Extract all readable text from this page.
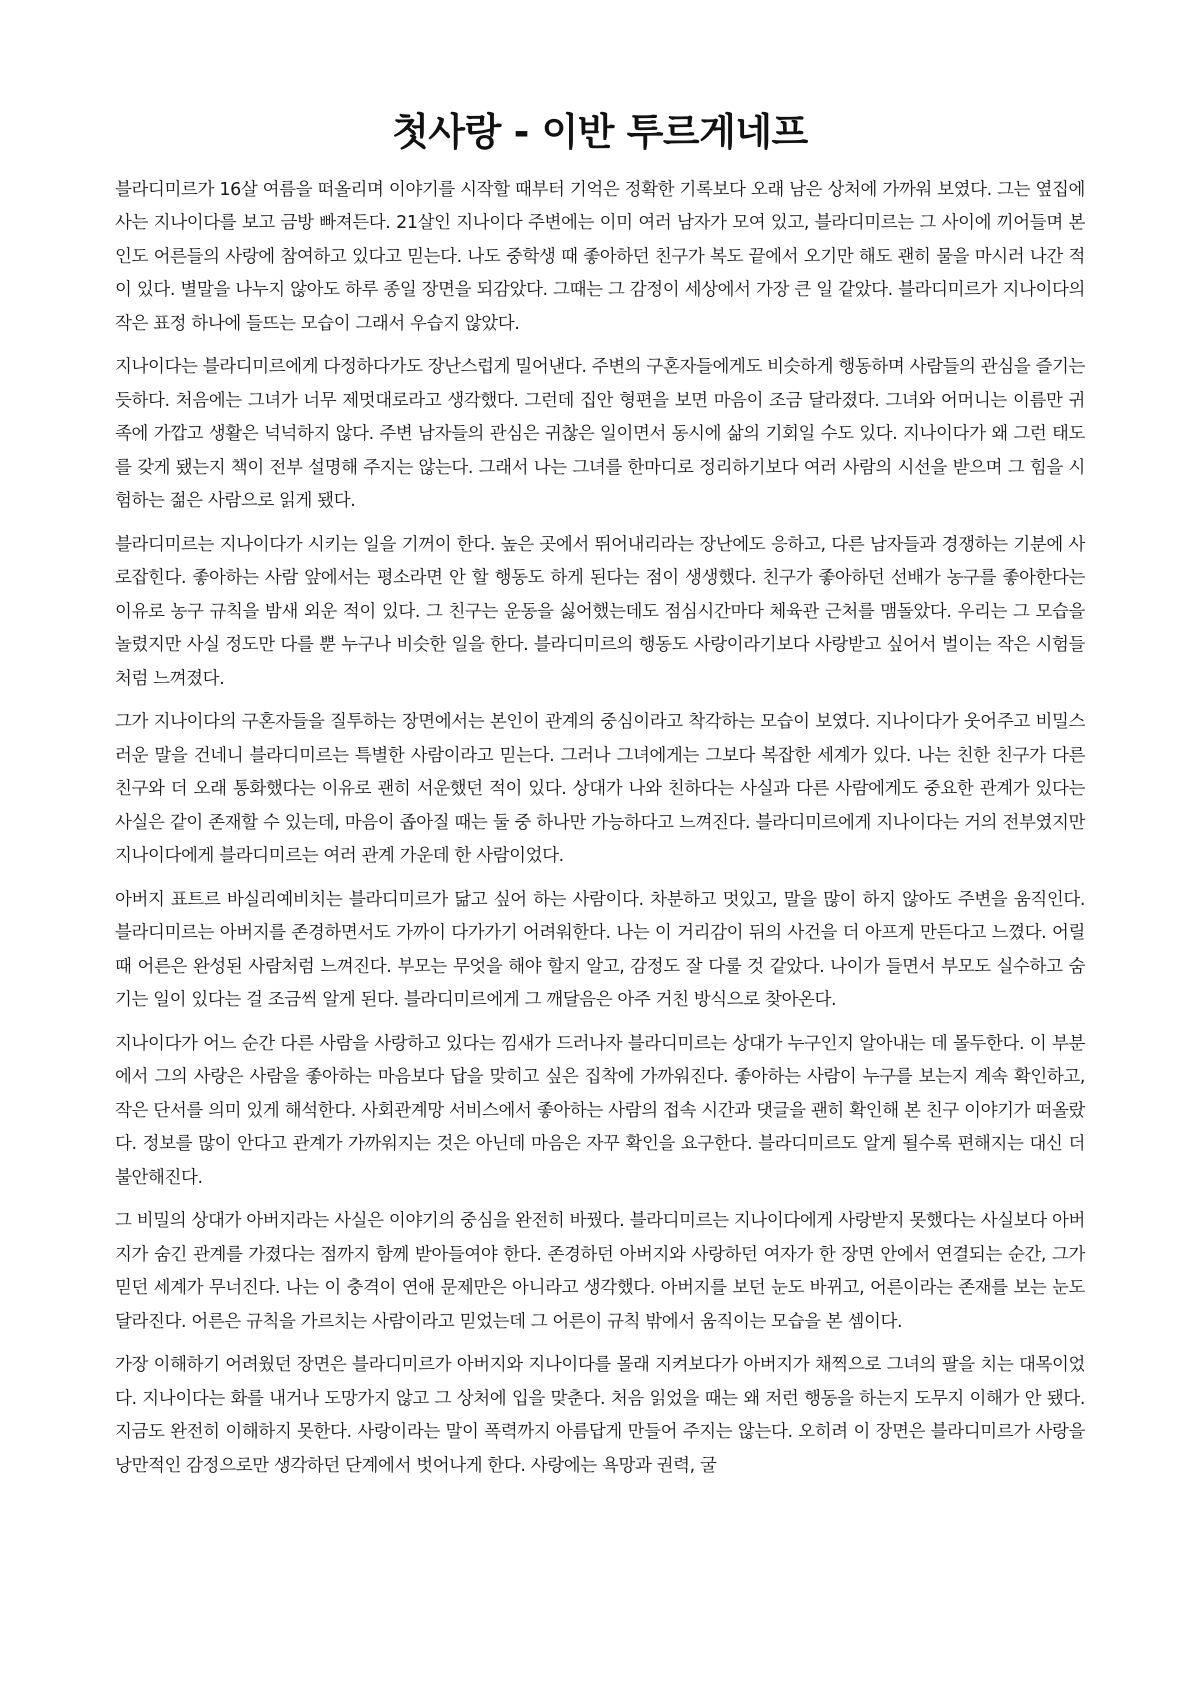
첫사랑 - 이반 투르게네프

블라디미르가 16살 여름을 떠올리며 이야기를 시작할 때부터 기억은 정확한 기록보다 오래 남은 상처에 가까워 보였다. 그는 옆집에 사는 지나이다를 보고 금방 빠져든다. 21살인 지나이다 주변에는 이미 여러 남자가 모여 있고, 블라디미르는 그 사이에 끼어들며 본인도 어른들의 사랑에 참여하고 있다고 믿는다. 나도 중학생 때 좋아하던 친구가 복도 끝에서 오기만 해도 괜히 물을 마시러 나간 적이 있다. 별말을 나누지 않아도 하루 종일 장면을 되감았다. 그때는 그 감정이 세상에서 가장 큰 일 같았다. 블라디미르가 지나이다의 작은 표정 하나에 들뜨는 모습이 그래서 우습지 않았다.

지나이다는 블라디미르에게 다정하다가도 장난스럽게 밀어낸다. 주변의 구혼자들에게도 비슷하게 행동하며 사람들의 관심을 즐기는 듯하다. 처음에는 그녀가 너무 제멋대로라고 생각했다. 그런데 집안 형편을 보면 마음이 조금 달라졌다. 그녀와 어머니는 이름만 귀족에 가깝고 생활은 넉넉하지 않다. 주변 남자들의 관심은 귀찮은 일이면서 동시에 삶의 기회일 수도 있다. 지나이다가 왜 그런 태도를 갖게 됐는지 책이 전부 설명해 주지는 않는다. 그래서 나는 그녀를 한마디로 정리하기보다 여러 사람의 시선을 받으며 그 힘을 시험하는 젊은 사람으로 읽게 됐다.

블라디미르는 지나이다가 시키는 일을 기꺼이 한다. 높은 곳에서 뛰어내리라는 장난에도 응하고, 다른 남자들과 경쟁하는 기분에 사로잡힌다. 좋아하는 사람 앞에서는 평소라면 안 할 행동도 하게 된다는 점이 생생했다. 친구가 좋아하던 선배가 농구를 좋아한다는 이유로 농구 규칙을 밤새 외운 적이 있다. 그 친구는 운동을 싫어했는데도 점심시간마다 체육관 근처를 맴돌았다. 우리는 그 모습을 놀렸지만 사실 정도만 다를 뿐 누구나 비슷한 일을 한다. 블라디미르의 행동도 사랑이라기보다 사랑받고 싶어서 벌이는 작은 시험들처럼 느껴졌다.

그가 지나이다의 구혼자들을 질투하는 장면에서는 본인이 관계의 중심이라고 착각하는 모습이 보였다. 지나이다가 웃어주고 비밀스러운 말을 건네니 블라디미르는 특별한 사람이라고 믿는다. 그러나 그녀에게는 그보다 복잡한 세계가 있다. 나는 친한 친구가 다른 친구와 더 오래 통화했다는 이유로 괜히 서운했던 적이 있다. 상대가 나와 친하다는 사실과 다른 사람에게도 중요한 관계가 있다는 사실은 같이 존재할 수 있는데, 마음이 좁아질 때는 둘 중 하나만 가능하다고 느껴진다. 블라디미르에게 지나이다는 거의 전부였지만 지나이다에게 블라디미르는 여러 관계 가운데 한 사람이었다.

아버지 표트르 바실리예비치는 블라디미르가 닮고 싶어 하는 사람이다. 차분하고 멋있고, 말을 많이 하지 않아도 주변을 움직인다. 블라디미르는 아버지를 존경하면서도 가까이 다가가기 어려워한다. 나는 이 거리감이 뒤의 사건을 더 아프게 만든다고 느꼈다. 어릴 때 어른은 완성된 사람처럼 느껴진다. 부모는 무엇을 해야 할지 알고, 감정도 잘 다룰 것 같았다. 나이가 들면서 부모도 실수하고 숨기는 일이 있다는 걸 조금씩 알게 된다. 블라디미르에게 그 깨달음은 아주 거친 방식으로 찾아온다.

지나이다가 어느 순간 다른 사람을 사랑하고 있다는 낌새가 드러나자 블라디미르는 상대가 누구인지 알아내는 데 몰두한다. 이 부분에서 그의 사랑은 사람을 좋아하는 마음보다 답을 맞히고 싶은 집착에 가까워진다. 좋아하는 사람이 누구를 보는지 계속 확인하고, 작은 단서를 의미 있게 해석한다. 사회관계망 서비스에서 좋아하는 사람의 접속 시간과 댓글을 괜히 확인해 본 친구 이야기가 떠올랐다. 정보를 많이 안다고 관계가 가까워지는 것은 아닌데 마음은 자꾸 확인을 요구한다. 블라디미르도 알게 될수록 편해지는 대신 더 불안해진다.

그 비밀의 상대가 아버지라는 사실은 이야기의 중심을 완전히 바꿨다. 블라디미르는 지나이다에게 사랑받지 못했다는 사실보다 아버지가 숨긴 관계를 가졌다는 점까지 함께 받아들여야 한다. 존경하던 아버지와 사랑하던 여자가 한 장면 안에서 연결되는 순간, 그가 믿던 세계가 무너진다. 나는 이 충격이 연애 문제만은 아니라고 생각했다. 아버지를 보던 눈도 바뀌고, 어른이라는 존재를 보는 눈도 달라진다. 어른은 규칙을 가르치는 사람이라고 믿었는데 그 어른이 규칙 밖에서 움직이는 모습을 본 셈이다.

가장 이해하기 어려웠던 장면은 블라디미르가 아버지와 지나이다를 몰래 지켜보다가 아버지가 채찍으로 그녀의 팔을 치는 대목이었다. 지나이다는 화를 내거나 도망가지 않고 그 상처에 입을 맞춘다. 처음 읽었을 때는 왜 저런 행동을 하는지 도무지 이해가 안 됐다. 지금도 완전히 이해하지 못한다. 사랑이라는 말이 폭력까지 아름답게 만들어 주지는 않는다. 오히려 이 장면은 블라디미르가 사랑을 낭만적인 감정으로만 생각하던 단계에서 벗어나게 한다. 사랑에는 욕망과 권력, 굴
